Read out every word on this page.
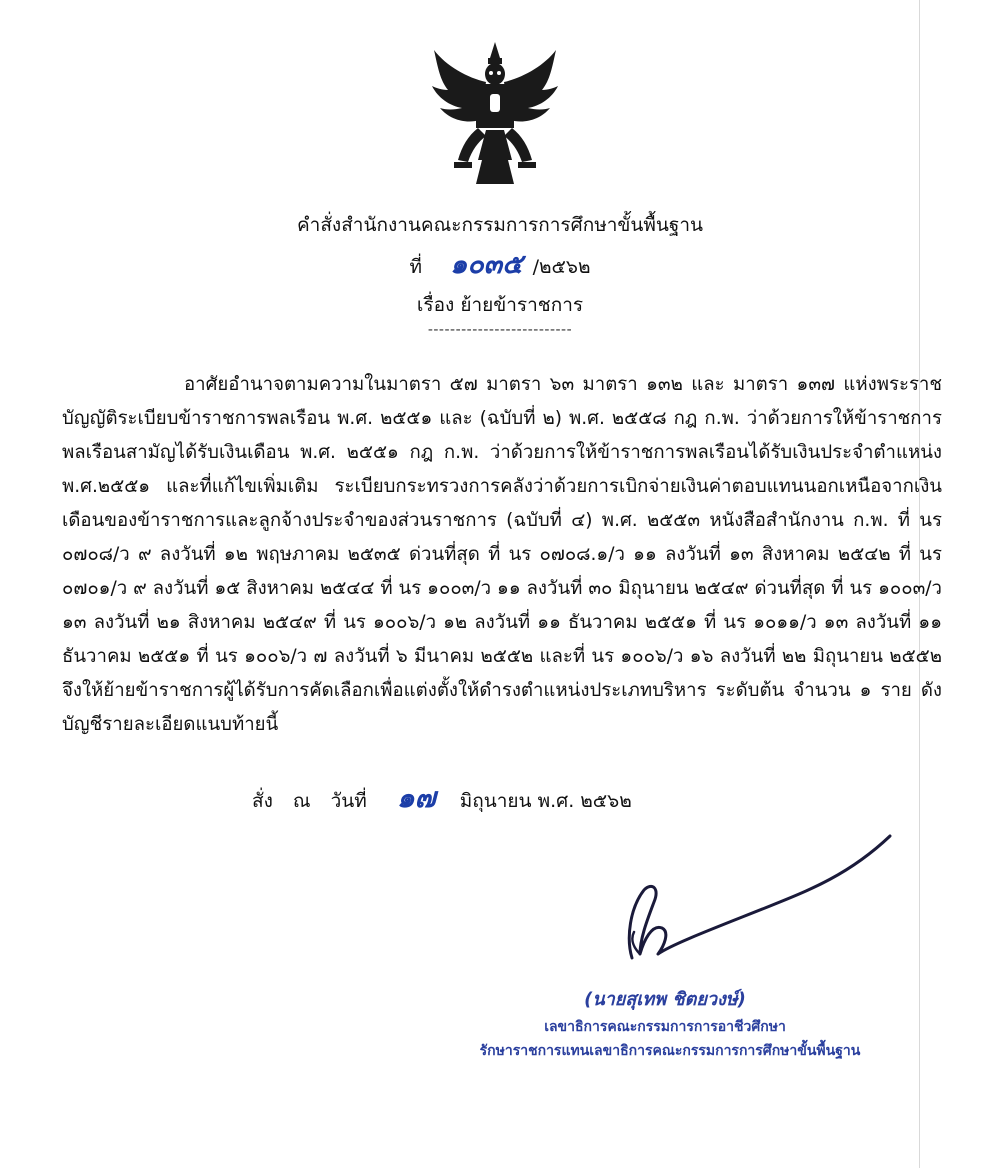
คำสั่งสำนักงานคณะกรรมการการศึกษาขั้นพื้นฐาน
ที่ ๑๐๓๕ /๒๕๖๒
เรื่อง ย้ายข้าราชการ
--------------------------

อาศัยอำนาจตามความในมาตรา ๕๗ มาตรา ๖๓ มาตรา ๑๓๒ และ มาตรา ๑๓๗ แห่งพระราชบัญญัติระเบียบข้าราชการพลเรือน พ.ศ. ๒๕๕๑ และ (ฉบับที่ ๒) พ.ศ. ๒๕๕๘ กฎ ก.พ. ว่าด้วยการให้ข้าราชการพลเรือนสามัญได้รับเงินเดือน พ.ศ. ๒๕๕๑ กฎ ก.พ. ว่าด้วยการให้ข้าราชการพลเรือนได้รับเงินประจำตำแหน่ง พ.ศ.๒๕๕๑ และที่แก้ไขเพิ่มเติม ระเบียบกระทรวงการคลังว่าด้วยการเบิกจ่ายเงินค่าตอบแทนนอกเหนือจากเงินเดือนของข้าราชการและลูกจ้างประจำของส่วนราชการ (ฉบับที่ ๔) พ.ศ. ๒๕๕๓ หนังสือสำนักงาน ก.พ. ที่ นร ๐๗๐๘/ว ๙ ลงวันที่ ๑๒ พฤษภาคม ๒๕๓๕ ด่วนที่สุด ที่ นร ๐๗๐๘.๑/ว ๑๑ ลงวันที่ ๑๓ สิงหาคม ๒๕๔๒ ที่ นร ๐๗๐๑/ว ๙ ลงวันที่ ๑๕ สิงหาคม ๒๕๔๔ ที่ นร ๑๐๐๓/ว ๑๑ ลงวันที่ ๓๐ มิถุนายน ๒๕๔๙ ด่วนที่สุด ที่ นร ๑๐๐๓/ว ๑๓ ลงวันที่ ๒๑ สิงหาคม ๒๕๔๙ ที่ นร ๑๐๐๖/ว ๑๒ ลงวันที่ ๑๑ ธันวาคม ๒๕๕๑ ที่ นร ๑๐๑๑/ว ๑๓ ลงวันที่ ๑๑ ธันวาคม ๒๕๕๑ ที่ นร ๑๐๐๖/ว ๗ ลงวันที่ ๖ มีนาคม ๒๕๕๒ และที่ นร ๑๐๐๖/ว ๑๖ ลงวันที่ ๒๒ มิถุนายน ๒๕๕๒ จึงให้ย้ายข้าราชการผู้ได้รับการคัดเลือกเพื่อแต่งตั้งให้ดำรงตำแหน่งประเภทบริหาร ระดับต้น จำนวน ๑ ราย ดังบัญชีรายละเอียดแนบท้ายนี้

สั่ง ณ วันที่ ๑๗ มิถุนายน พ.ศ. ๒๕๖๒
(นายสุเทพ ชิตยวงษ์)
เลขาธิการคณะกรรมการการอาชีวศึกษา
รักษาราชการแทนเลขาธิการคณะกรรมการการศึกษาขั้นพื้นฐาน
